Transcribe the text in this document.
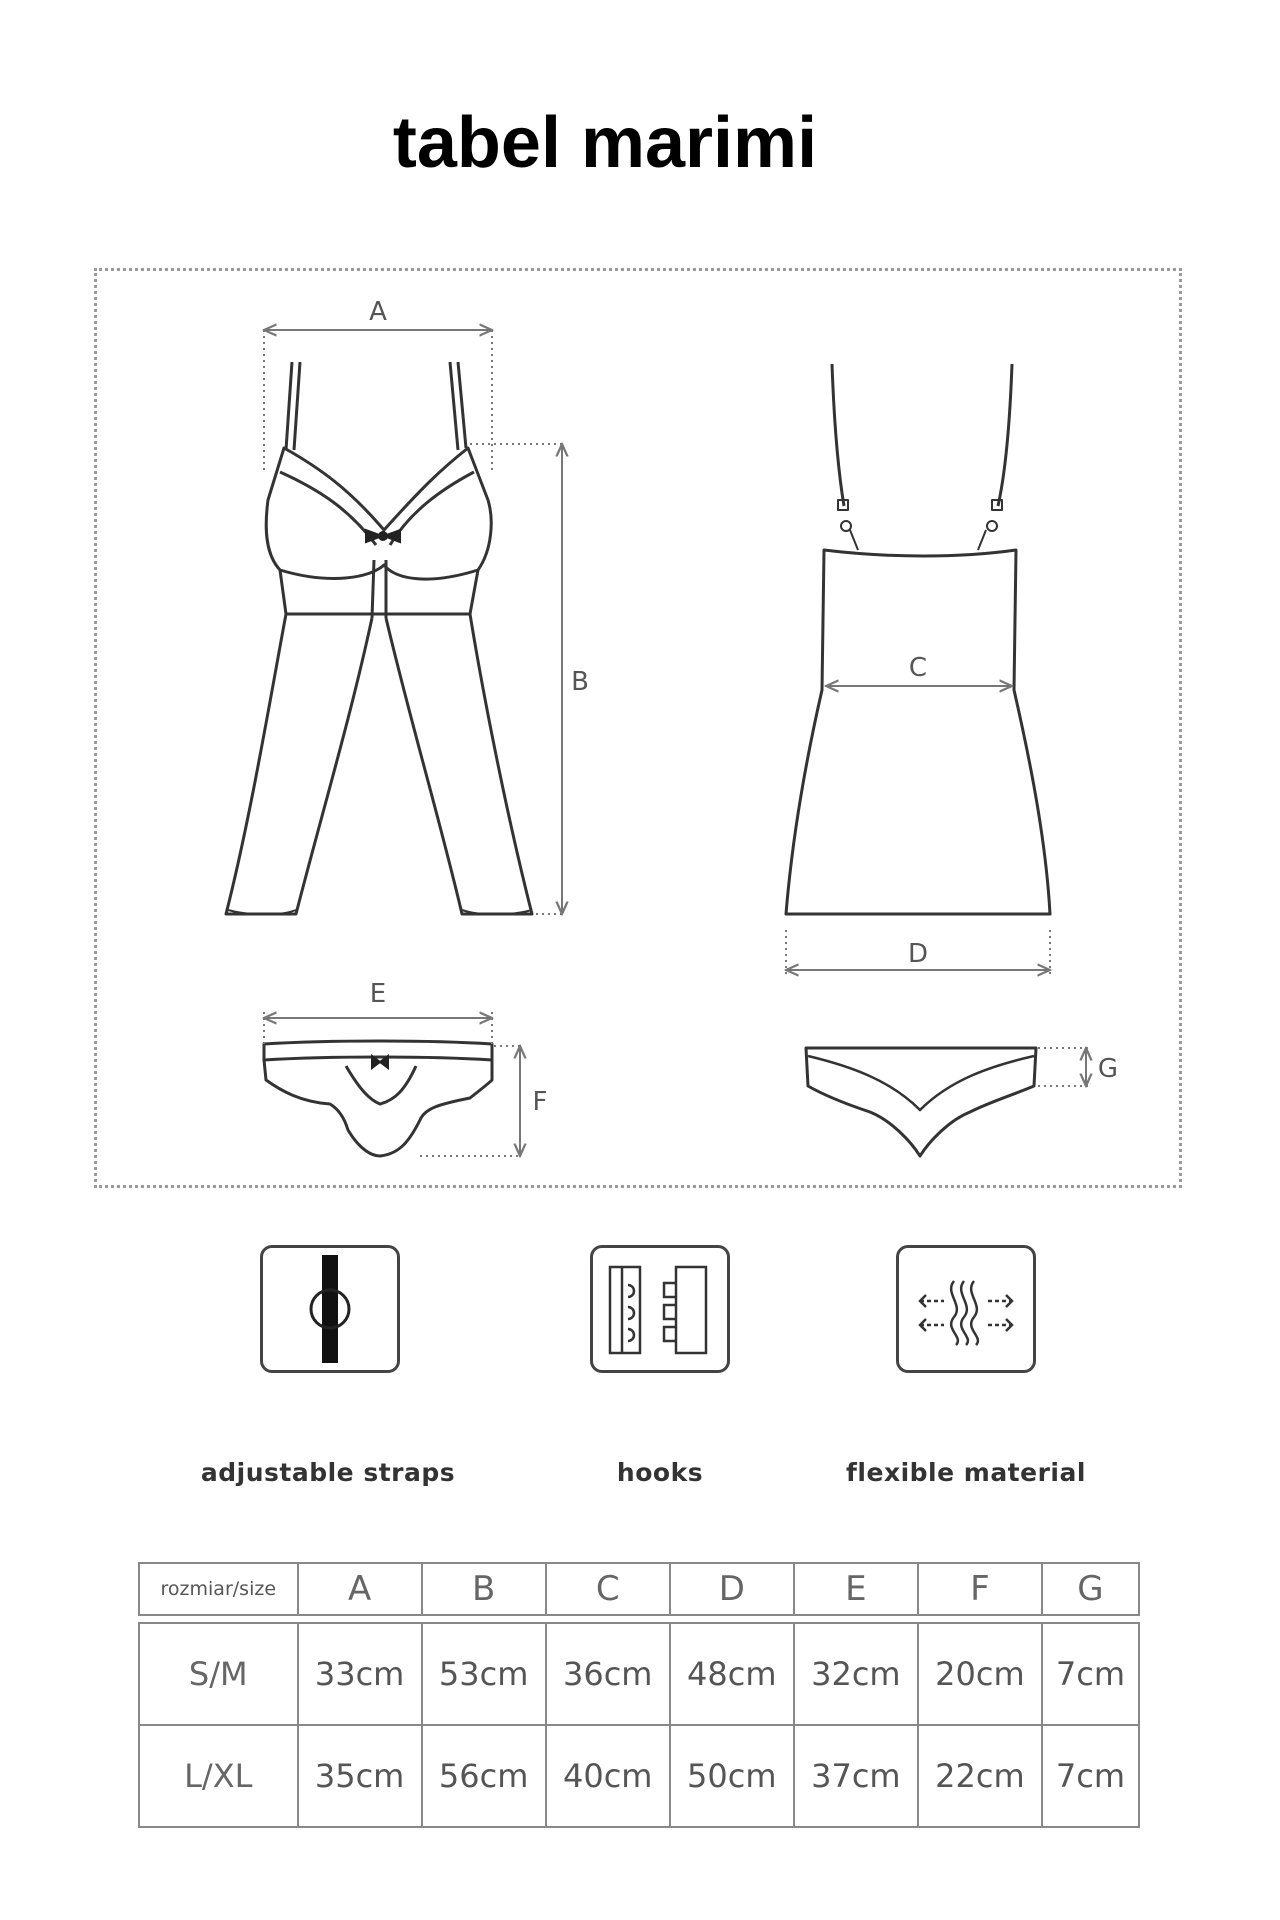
tabel marimi
A
B	C
D
E
F
G
adjustable straps	hooks	flexible material
rozmiar/size	A	B	C	D	E	F	G

S/M	33cm	53cm	36cm	48cm	32cm	20cm	7cm
L/XL	35cm	56cm	40cm	50cm	37cm	22cm	7cm
